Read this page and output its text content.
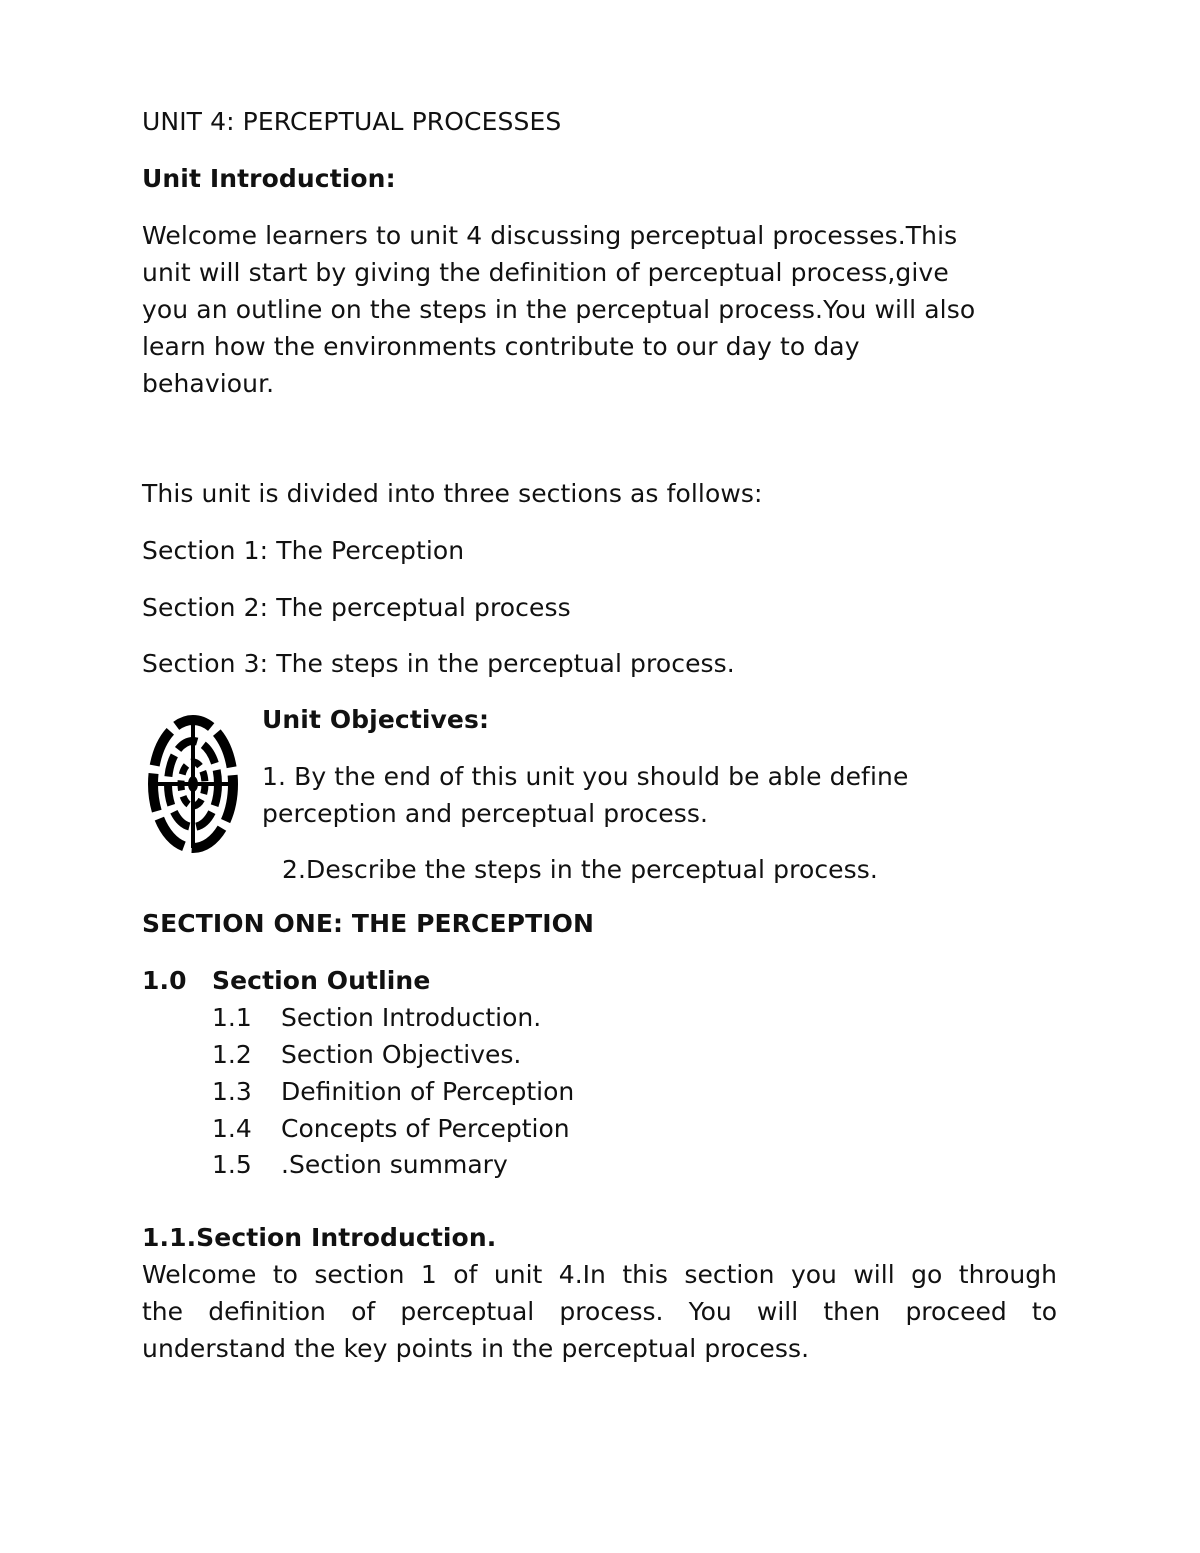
UNIT 4: PERCEPTUAL PROCESSES
Unit Introduction:
Welcome learners to unit 4 discussing perceptual processes.This
unit will start by giving the definition of perceptual process,give
you an outline on the steps in the perceptual process.You will also
learn how the environments contribute to our day to day
behaviour.
This unit is divided into three sections as follows:
Section 1: The Perception
Section 2: The perceptual process
Section 3: The steps in the perceptual process.
Unit Objectives:
1. By the end of this unit you should be able define
perception and perceptual process.
2.Describe the steps in the perceptual process.
SECTION ONE: THE PERCEPTION
1.0 Section Outline
1.1 Section Introduction.
1.2 Section Objectives.
1.3 Definition of Perception
1.4 Concepts of Perception
1.5 .Section summary
1.1.Section Introduction.
Welcome to section 1 of unit 4.In this section you will go through
the definition of perceptual process. You will then proceed to
understand the key points in the perceptual process.
